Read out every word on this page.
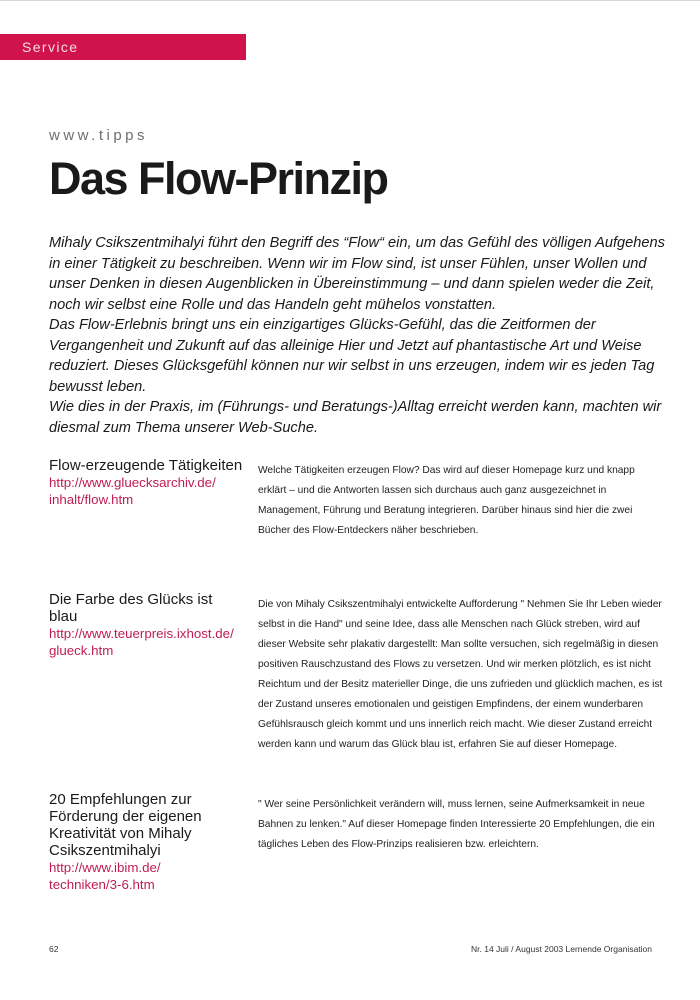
Service
www.tipps
Das Flow-Prinzip

Mihaly Csikszentmihalyi führt den Begriff des “Flow“ ein, um das Gefühl des völligen Aufgehens in einer Tätigkeit zu beschreiben. Wenn wir im Flow sind, ist unser Fühlen, unser Wollen und unser Denken in diesen Augenblicken in Übereinstimmung – und dann spielen weder die Zeit, noch wir selbst eine Rolle und das Handeln geht mühelos vonstatten.

Das Flow-Erlebnis bringt uns ein einzigartiges Glücks-Gefühl, das die Zeitformen der Vergangenheit und Zukunft auf das alleinige Hier und Jetzt auf phantastische Art und Weise reduziert. Dieses Glücksgefühl können nur wir selbst in uns erzeugen, indem wir es jeden Tag bewusst leben.

Wie dies in der Praxis, im (Führungs- und Beratungs-)Alltag erreicht werden kann, machten wir diesmal zum Thema unserer Web-Suche.

Flow-erzeugende Tätigkeiten
http://www.gluecksarchiv.de/
inhalt/flow.htm
Welche Tätigkeiten erzeugen Flow? Das wird auf dieser Homepage kurz und knapp erklärt – und die Antworten lassen sich durchaus auch ganz ausgezeichnet in Management, Führung und Beratung integrieren. Darüber hinaus sind hier die zwei Bücher des Flow-Entdeckers näher beschrieben.
Die Farbe des Glücks ist blau
http://www.teuerpreis.ixhost.de/
glueck.htm
Die von Mihaly Csikszentmihalyi entwickelte Aufforderung " Nehmen Sie Ihr Leben wieder selbst in die Hand" und seine Idee, dass alle Menschen nach Glück streben, wird auf dieser Website sehr plakativ dargestellt: Man sollte versuchen, sich regelmäßig in diesen positiven Rauschzustand des Flows zu versetzen. Und wir merken plötzlich, es ist nicht Reichtum und der Besitz materieller Dinge, die uns zufrieden und glücklich machen, es ist der Zustand unseres emotionalen und geistigen Empfindens, der einem wunderbaren Gefühlsrausch gleich kommt und uns innerlich reich macht. Wie dieser Zustand erreicht werden kann und warum das Glück blau ist, erfahren Sie auf dieser Homepage.
20 Empfehlungen zur Förderung der eigenen Kreativität von Mihaly Csikszentmihalyi
http://www.ibim.de/
techniken/3-6.htm
" Wer seine Persönlichkeit verändern will, muss lernen, seine Aufmerksamkeit in neue Bahnen zu lenken." Auf dieser Homepage finden Interessierte 20 Empfehlungen, die ein tägliches Leben des Flow-Prinzips realisieren bzw. erleichtern.
62	Nr. 14 Juli / August 2003 Lernende Organisation
